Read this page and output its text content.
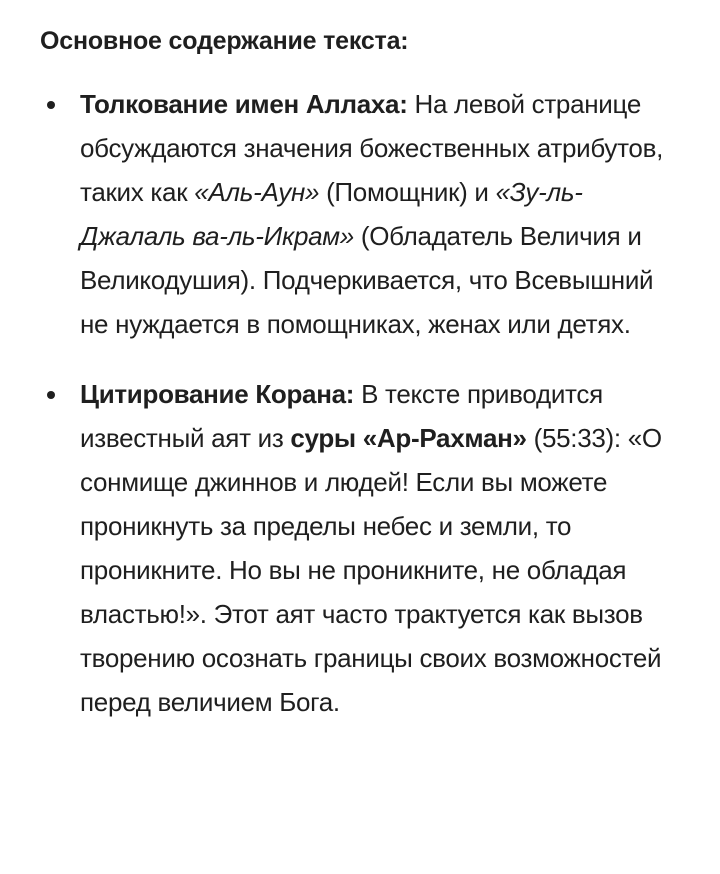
Основное содержание текста:
Толкование имен Аллаха: На левой странице обсуждаются значения божественных атрибутов, таких как «Аль-Аун» (Помощник) и «Зу-ль-Джалаль ва-ль-Икрам» (Обладатель Величия и Великодушия). Подчеркивается, что Всевышний не нуждается в помощниках, женах или детях.
Цитирование Корана: В тексте приводится известный аят из суры «Ар-Рахман» (55:33): «О сонмище джиннов и людей! Если вы можете проникнуть за пределы небес и земли, то проникните. Но вы не проникните, не обладая властью!». Этот аят часто трактуется как вызов творению осознать границы своих возможностей перед величием Бога.
